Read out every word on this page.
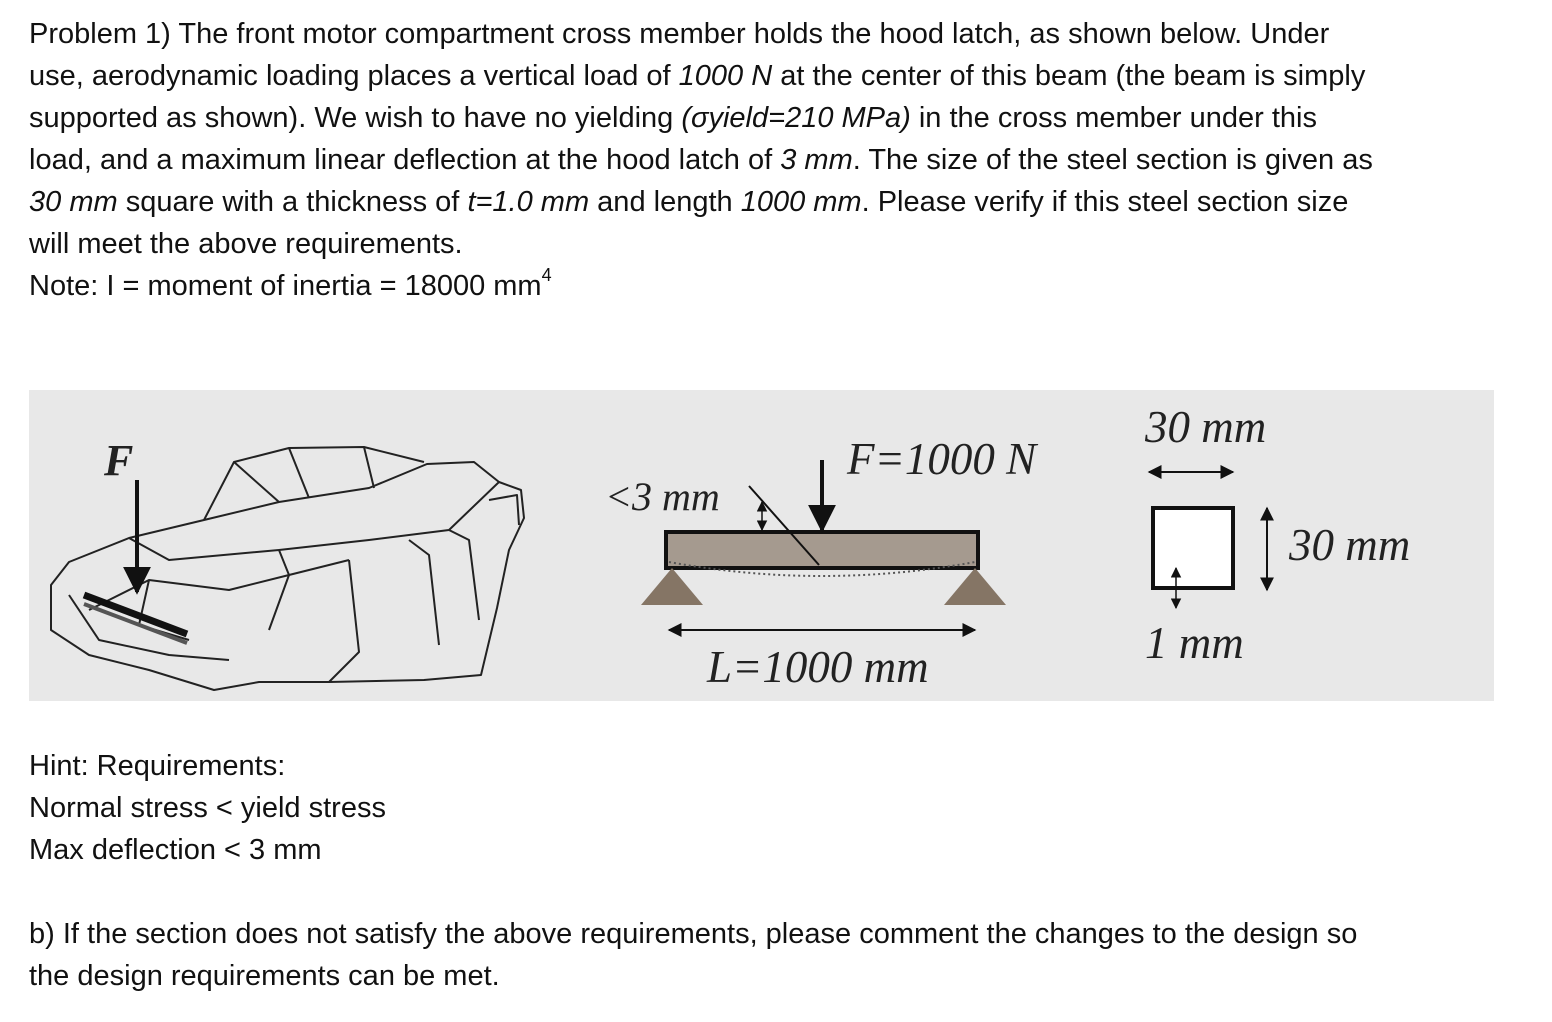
Problem 1) The front motor compartment cross member holds the hood latch, as shown below. Under
use, aerodynamic loading places a vertical load of 1000 N at the center of this beam (the beam is simply
supported as shown). We wish to have no yielding (σyield=210 MPa) in the cross member under this
load, and a maximum linear deflection at the hood latch of 3 mm. The size of the steel section is given as
30 mm square with a thickness of t=1.0 mm and length 1000 mm. Please verify if this steel section size
will meet the above requirements.
Note: I = moment of inertia = 18000 $mm^4$
F
<3 mm
F=1000 N
L=1000 mm
30 mm
30 mm
1 mm
Hint: Requirements:
Normal stress < yield stress
Max deflection < 3 mm
b) If the section does not satisfy the above requirements, please comment the changes to the design so
the design requirements can be met.
